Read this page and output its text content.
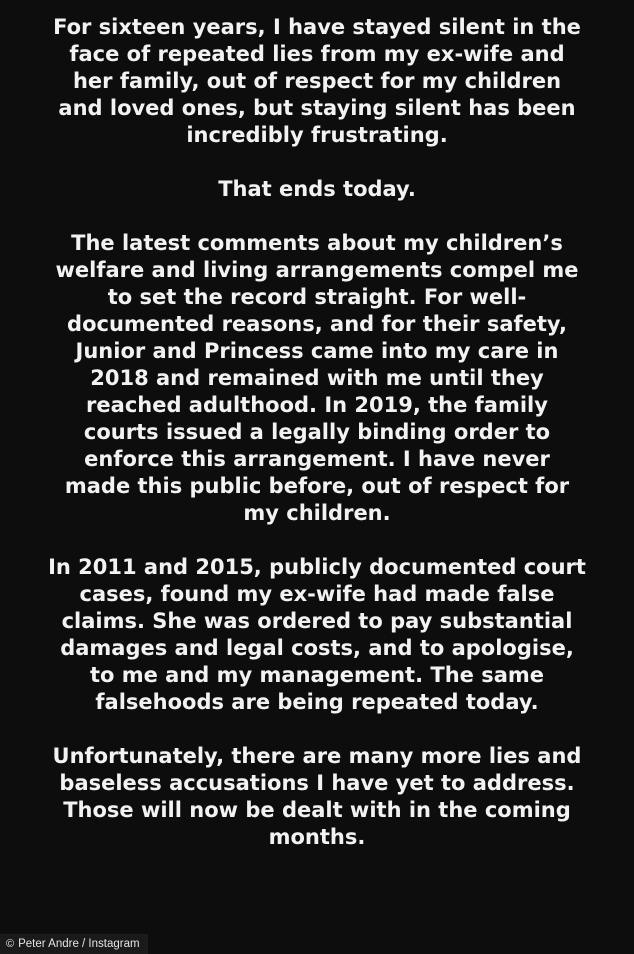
For sixteen years, I have stayed silent in the
face of repeated lies from my ex-wife and
her family, out of respect for my children
and loved ones, but staying silent has been
incredibly frustrating.
That ends today.
The latest comments about my children’s
welfare and living arrangements compel me
to set the record straight. For well-
documented reasons, and for their safety,
Junior and Princess came into my care in
2018 and remained with me until they
reached adulthood. In 2019, the family
courts issued a legally binding order to
enforce this arrangement. I have never
made this public before, out of respect for
my children.
In 2011 and 2015, publicly documented court
cases, found my ex-wife had made false
claims. She was ordered to pay substantial
damages and legal costs, and to apologise,
to me and my management. The same
falsehoods are being repeated today.
Unfortunately, there are many more lies and
baseless accusations I have yet to address.
Those will now be dealt with in the coming
months.
© Peter Andre / Instagram
